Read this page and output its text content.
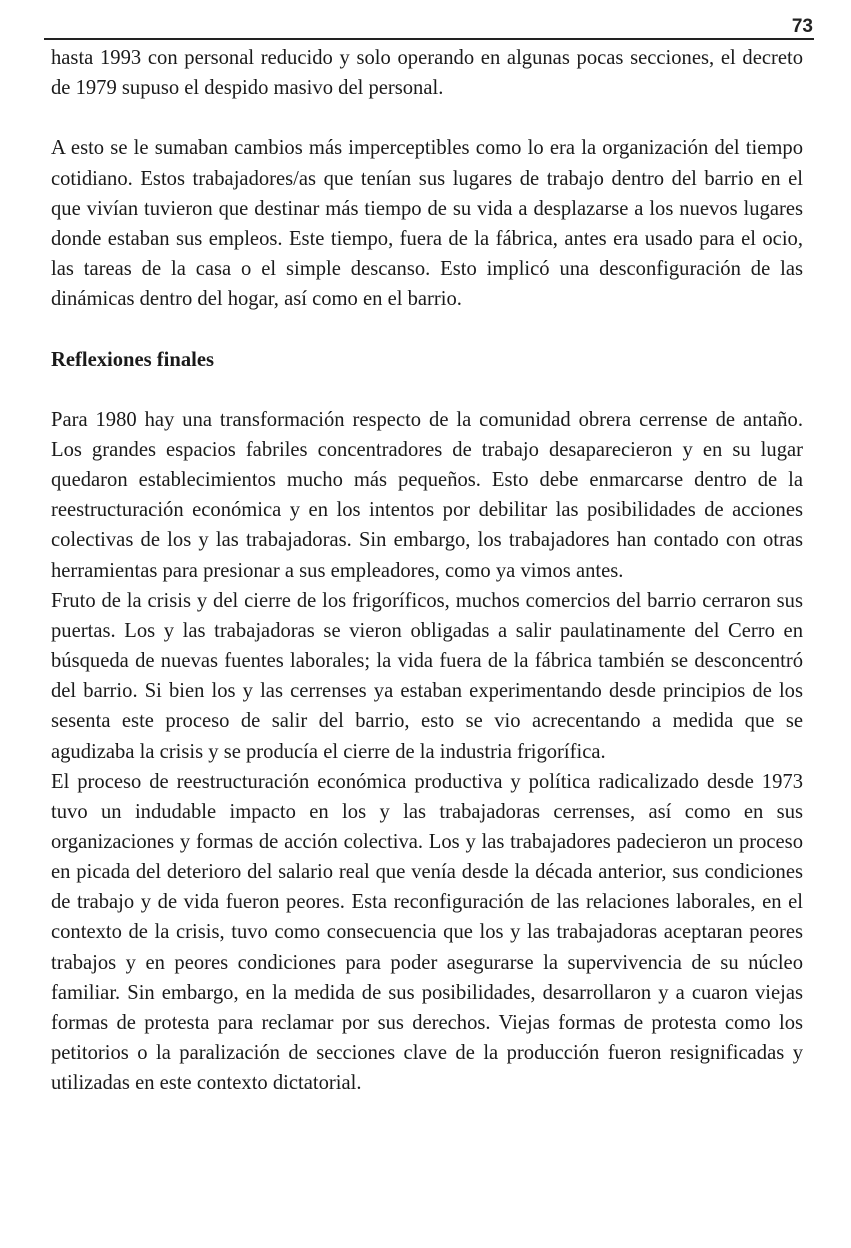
73

hasta 1993 con personal reducido y solo operando en algunas pocas secciones, el decreto de 1979 supuso el despido masivo del personal.

A esto se le sumaban cambios más imperceptibles como lo era la organización del tiempo cotidiano. Estos trabajadores/as que tenían sus lugares de trabajo dentro del barrio en el que vivían tuvieron que destinar más tiempo de su vida a desplazarse a los nuevos lugares donde estaban sus empleos. Este tiempo, fuera de la fábrica, antes era usado para el ocio, las tareas de la casa o el simple descanso. Esto implicó una desconfiguración de las dinámicas dentro del hogar, así como en el barrio.

Reflexiones finales

Para 1980 hay una transformación respecto de la comunidad obrera cerrense de antaño. Los grandes espacios fabriles concentradores de trabajo desaparecieron y en su lugar quedaron establecimientos mucho más pequeños. Esto debe enmarcarse dentro de la reestructuración económica y en los intentos por debilitar las posibilidades de acciones colectivas de los y las trabajadoras. Sin embargo, los trabajadores han contado con otras herramientas para presionar a sus empleadores, como ya vimos antes.

Fruto de la crisis y del cierre de los frigoríficos, muchos comercios del barrio cerraron sus puertas. Los y las trabajadoras se vieron obligadas a salir paulatinamente del Cerro en búsqueda de nuevas fuentes laborales; la vida fuera de la fábrica también se desconcentró del barrio. Si bien los y las cerrenses ya estaban experimentando desde principios de los sesenta este proceso de salir del barrio, esto se vio acrecentando a medida que se agudizaba la crisis y se producía el cierre de la industria frigorífica.

El proceso de reestructuración económica productiva y política radicalizado desde 1973 tuvo un indudable impacto en los y las trabajadoras cerrenses, así como en sus organizaciones y formas de acción colectiva. Los y las trabajadores padecieron un proceso en picada del deterioro del salario real que venía desde la década anterior, sus condiciones de trabajo y de vida fueron peores. Esta reconfiguración de las relaciones laborales, en el contexto de la crisis, tuvo como consecuencia que los y las trabajadoras aceptaran peores trabajos y en peores condiciones para poder asegurarse la supervivencia de su núcleo familiar. Sin embargo, en la medida de sus posibilidades, desarrollaron y a cuaron viejas formas de protesta para reclamar por sus derechos. Viejas formas de protesta como los petitorios o la paralización de secciones clave de la producción fueron resignificadas y utilizadas en este contexto dictatorial.
